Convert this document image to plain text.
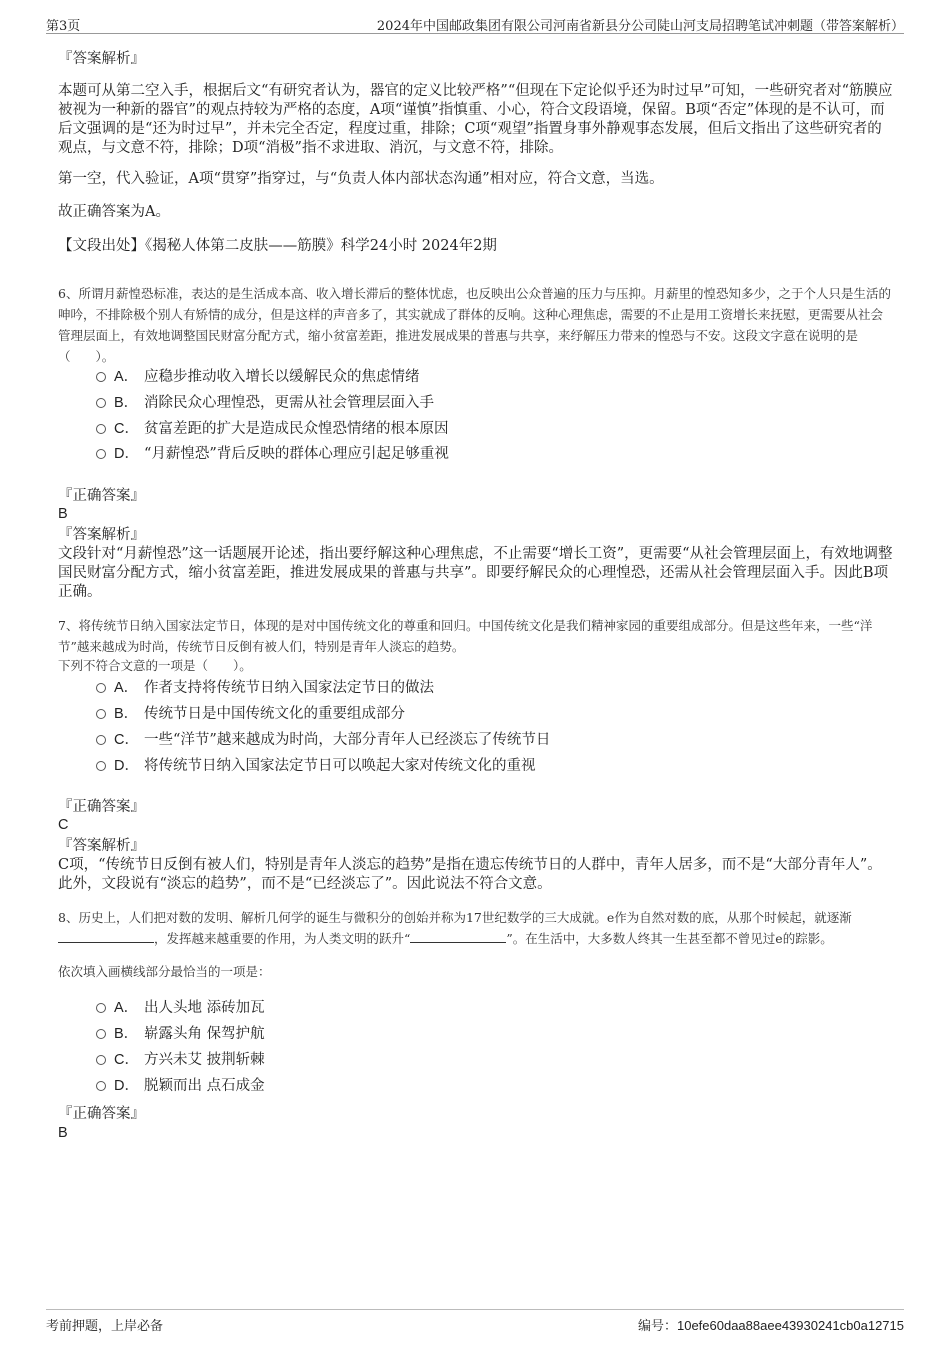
第3页	2024年中国邮政集团有限公司河南省新县分公司陡山河支局招聘笔试冲刺题（带答案解析）
『答案解析』
本题可从第二空入手，根据后文“有研究者认为，器官的定义比较严格”“但现在下定论似乎还为时过早”可知，一些研究者对“筋膜应被视为一种新的器官”的观点持较为严格的态度，A项“谨慎”指慎重、小心，符合文段语境，保留。B项“否定”体现的是不认可，而后文强调的是“还为时过早”，并未完全否定，程度过重，排除；C项“观望”指置身事外静观事态发展，但后文指出了这些研究者的观点，与文意不符，排除；D项“消极”指不求进取、消沉，与文意不符，排除。
第一空，代入验证，A项“贯穿”指穿过，与“负责人体内部状态沟通”相对应，符合文意，当选。
故正确答案为A。
【文段出处】《揭秘人体第二皮肤——筋膜》科学24小时 2024年2期
6、所谓月薪惶恐标准，表达的是生活成本高、收入增长滞后的整体忧虑，也反映出公众普遍的压力与压抑。月薪里的惶恐知多少，之于个人只是生活的呻吟，不排除极个别人有矫情的成分，但是这样的声音多了，其实就成了群体的反响。这种心理焦虑，需要的不止是用工资增长来抚慰，更需要从社会管理层面上，有效地调整国民财富分配方式，缩小贫富差距，推进发展成果的普惠与共享，来纾解压力带来的惶恐与不安。这段文字意在说明的是（　　）。
A． 应稳步推动收入增长以缓解民众的焦虑情绪
B． 消除民众心理惶恐，更需从社会管理层面入手
C． 贫富差距的扩大是造成民众惶恐情绪的根本原因
D． “月薪惶恐”背后反映的群体心理应引起足够重视
『正确答案』
B
『答案解析』
文段针对“月薪惶恐”这一话题展开论述，指出要纾解这种心理焦虑，不止需要“增长工资”，更需要“从社会管理层面上，有效地调整国民财富分配方式，缩小贫富差距，推进发展成果的普惠与共享”。即要纾解民众的心理惶恐，还需从社会管理层面入手。因此B项正确。
7、将传统节日纳入国家法定节日，体现的是对中国传统文化的尊重和回归。中国传统文化是我们精神家园的重要组成部分。但是这些年来，一些“洋节”越来越成为时尚，传统节日反倒有被人们，特别是青年人淡忘的趋势。
下列不符合文意的一项是（　　）。
A． 作者支持将传统节日纳入国家法定节日的做法
B． 传统节日是中国传统文化的重要组成部分
C． 一些“洋节”越来越成为时尚，大部分青年人已经淡忘了传统节日
D． 将传统节日纳入国家法定节日可以唤起大家对传统文化的重视
『正确答案』
C
『答案解析』
C项，“传统节日反倒有被人们，特别是青年人淡忘的趋势”是指在遗忘传统节日的人群中，青年人居多，而不是“大部分青年人”。此外，文段说有“淡忘的趋势”，而不是“已经淡忘了”。因此说法不符合文意。
8、历史上，人们把对数的发明、解析几何学的诞生与微积分的创始并称为17世纪数学的三大成就。e作为自然对数的底，从那个时候起，就逐渐，发挥越来越重要的作用，为人类文明的跃升“	”。在生活中，大多数人终其一生甚至都不曾见过e的踪影。
依次填入画横线部分最恰当的一项是：
A． 出人头地 添砖加瓦
B． 崭露头角 保驾护航
C． 方兴未艾 披荆斩棘
D． 脱颖而出 点石成金
『正确答案』
B
考前押题，上岸必备	编号：10efe60daa88aee43930241cb0a12715
